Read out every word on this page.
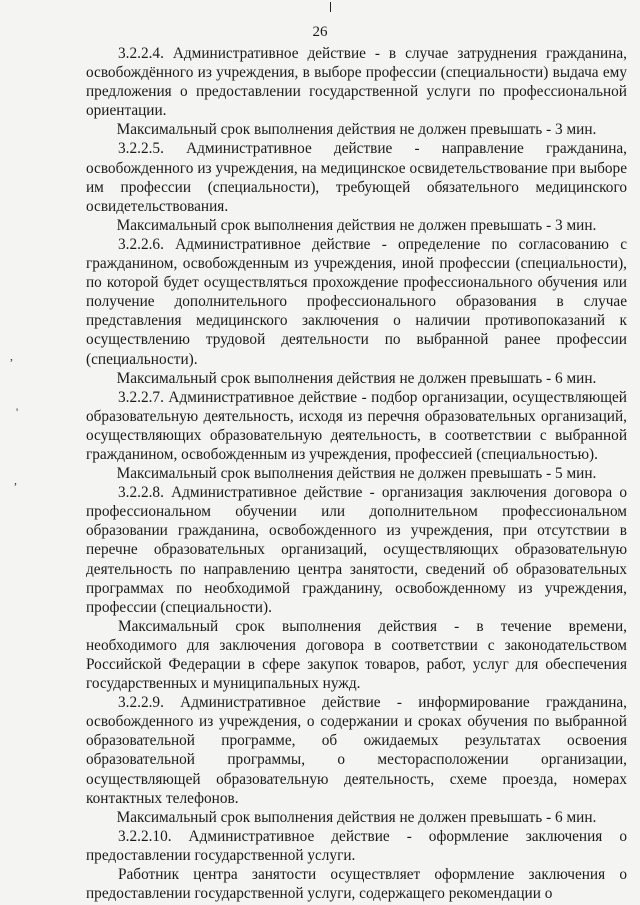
26
,
'
,

3.2.2.4. Административное действие - в случае затруднения гражданина, освобождённого из учреждения, в выборе профессии (специальности) выдача ему предложения о предоставлении государственной услуги по профессиональной ориентации.

Максимальный срок выполнения действия не должен превышать - 3 мин.

3.2.2.5. Административное действие - направление гражданина, освобожденного из учреждения, на медицинское освидетельствование при выборе им профессии (специальности), требующей обязательного медицинского освидетельствования.

Максимальный срок выполнения действия не должен превышать - 3 мин.

3.2.2.6. Административное действие - определение по согласованию с гражданином, освобожденным из учреждения, иной профессии (специальности), по которой будет осуществляться прохождение профессионального обучения или получение дополнительного профессионального образования в случае представления медицинского заключения о наличии противопоказаний к осуществлению трудовой деятельности по выбранной ранее профессии (специальности).

Максимальный срок выполнения действия не должен превышать - 6 мин.

3.2.2.7. Административное действие - подбор организации, осуществляющей образовательную деятельность, исходя из перечня образовательных организаций, осуществляющих образовательную деятельность, в соответствии с выбранной гражданином, освобожденным из учреждения, профессией (специальностью).

Максимальный срок выполнения действия не должен превышать - 5 мин.

3.2.2.8. Административное действие - организация заключения договора о профессиональном обучении или дополнительном профессиональном образовании гражданина, освобожденного из учреждения, при отсутствии в перечне образовательных организаций, осуществляющих образовательную деятельность по направлению центра занятости, сведений об образовательных программах по необходимой гражданину, освобожденному из учреждения, профессии (специальности).

Максимальный срок выполнения действия - в течение времени, необходимого для заключения договора в соответствии с законодательством Российской Федерации в сфере закупок товаров, работ, услуг для обеспечения государственных и муниципальных нужд.

3.2.2.9. Административное действие - информирование гражданина, освобожденного из учреждения, о содержании и сроках обучения по выбранной образовательной программе, об ожидаемых результатах освоения образовательной программы, о месторасположении организации, осуществляющей образовательную деятельность, схеме проезда, номерах контактных телефонов.

Максимальный срок выполнения действия не должен превышать - 6 мин.

3.2.2.10. Административное действие - оформление заключения о предоставлении государственной услуги.

Работник центра занятости осуществляет оформление заключения о предоставлении государственной услуги, содержащего рекомендации о
